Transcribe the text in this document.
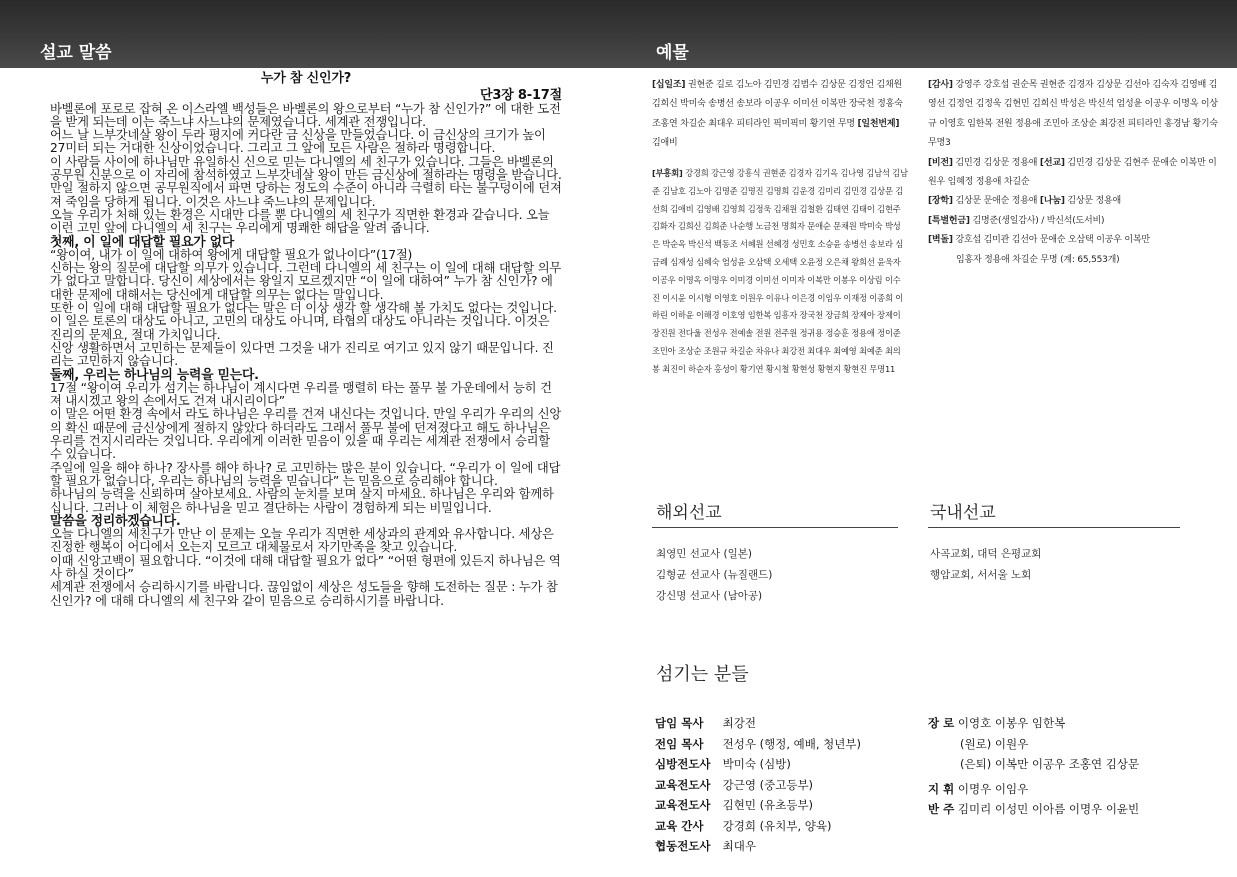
설교 말씀	예물
누가 참 신인가?
단3장 8-17절

바벨론에 포로로 잡혀 온 이스라엘 백성들은 바벨론의 왕으로부터 “누가 참 신인가?” 에 대한 도전을 받게 되는데 이는 죽느냐 사느냐의 문제였습니다. 세계관 전쟁입니다.

어느 날 느부갓네살 왕이 두라 평지에 커다란 금 신상을 만들었습니다. 이 금신상의 크기가 높이 27미터 되는 거대한 신상이었습니다. 그리고 그 앞에 모든 사람은 절하라 명령합니다.

이 사람들 사이에 하나님만 유일하신 신으로 믿는 다니엘의 세 친구가 있습니다. 그들은 바벨론의 공무원 신분으로 이 자리에 참석하였고 느부갓네살 왕이 만든 금신상에 절하라는 명령을 받습니다. 만일 절하지 않으면 공무원직에서 파면 당하는 정도의 수준이 아니라 극렬히 타는 불구덩이에 던져져 죽임을 당하게 됩니다. 이것은 사느냐 죽느냐의 문제입니다.

오늘 우리가 처해 있는 환경은 시대만 다를 뿐 다니엘의 세 친구가 직면한 환경과 같습니다. 오늘 이런 고민 앞에 다니엘의 세 친구는 우리에게 명쾌한 해답을 알려 줍니다.

첫째, 이 일에 대답할 필요가 없다

“왕이여, 내가 이 일에 대하여 왕에게 대답할 필요가 없나이다”(17절)

신하는 왕의 질문에 대답할 의무가 있습니다. 그런데 다니엘의 세 친구는 이 일에 대해 대답할 의무가 없다고 말합니다. 당신이 세상에서는 왕일지 모르겠지만 “이 일에 대하여” 누가 참 신인가? 에 대한 문제에 대해서는 당신에게 대답할 의무는 없다는 말입니다.

또한 이 일에 대해 대답할 필요가 없다는 말은 더 이상 생각 할 생각해 볼 가치도 없다는 것입니다. 이 일은 토론의 대상도 아니고, 고민의 대상도 아니며, 타협의 대상도 아니라는 것입니다. 이것은 진리의 문제요, 절대 가치입니다.

신앙 생활하면서 고민하는 문제들이 있다면 그것을 내가 진리로 여기고 있지 않기 때문입니다. 진리는 고민하지 않습니다.

둘째, 우리는 하나님의 능력을 믿는다.

17절 “왕이여 우리가 섬기는 하나님이 계시다면 우리를 맹렬히 타는 풀무 불 가운데에서 능히 건져 내시겠고 왕의 손에서도 건져 내시리이다”

이 말은 어떤 환경 속에서 라도 하나님은 우리를 건져 내신다는 것입니다. 만일 우리가 우리의 신앙의 확신 때문에 금신상에게 절하지 않았다 하더라도 그래서 풀무 불에 던져졌다고 해도 하나님은 우리를 건지시리라는 것입니다. 우리에게 이러한 믿음이 있을 때 우리는 세계관 전쟁에서 승리할 수 있습니다.

주일에 일을 해야 하나? 장사를 해야 하나? 로 고민하는 많은 분이 있습니다. “우리가 이 일에 대답할 필요가 없습니다, 우리는 하나님의 능력을 믿습니다” 는 믿음으로 승리해야 합니다.

하나님의 능력을 신뢰하며 살아보세요. 사람의 눈치를 보며 살지 마세요. 하나님은 우리와 함께하십니다. 그러나 이 체험은 하나님을 믿고 결단하는 사람이 경험하게 되는 비밀입니다.

말씀을 정리하겠습니다.

오늘 다니엘의 세친구가 만난 이 문제는 오늘 우리가 직면한 세상과의 관계와 유사합니다. 세상은 진정한 행복이 어디에서 오는지 모르고 대체물로서 자기만족을 찾고 있습니다.

이때 신앙고백이 필요합니다. “이것에 대해 대답할 필요가 없다” “어떤 형편에 있든지 하나님은 역사 하실 것이다”

세계관 전쟁에서 승리하시기를 바랍니다. 끊임없이 세상은 성도들을 향해 도전하는 질문 : 누가 참 신인가? 에 대해 다니엘의 세 친구와 같이 믿음으로 승리하시기를 바랍니다.

[십일조] 권현준 길로 김노아 김민경 김범수 김상문 김정언 김채원 김희신 박미숙 송병선 송보라 이공우 이미선 이복만 장국천 정홍숙 조홍연 차길순 최대우 피티라인 픽미픽미 황기연 무명 [일천번제] 김애비
[부흥회] 강경희 강근영 강흥식 권현준 김경자 김기옥 김나영 김남석 김남준 김남호 김노아 김명준 김명진 김명희 김운경 김미리 김민경 김상문 김선희 김애비 김영배 김영희 김정욱 김채원 김철환 김태연 김태이 김현주 김화자 김희신 김희준 나순행 노금천 명희자 문애순 문채원 박미숙 박성은 박순옥 박신석 백동조 서혜원 선혜경 성민호 소승윤 송병선 송보라 심금례 심재성 심혜숙 엄성윤 오삼택 오세택 오윤정 오은채 왕희선 윤욱자 이공우 이명옥 이명우 이미경 이미선 이미자 이복만 이봉우 이상림 이수진 이시윤 이시형 이영호 이원우 이유나 이은경 이임우 이재정 이종희 이하린 이하윤 이해경 이호영 임한복 임흥자 장국천 장금희 장제아 장제이 장진원 전다울 전성우 전예솔 전원 전주원 정귀용 정승훈 정용애 정이준 조민아 조상순 조원규 차길순 차유나 최강전 최대우 최예영 최예준 최의봉 최진이 하순자 홍성이 황기연 황시철 황현성 황현지 황현진 무명11
[감사] 강영주 강호섭 권순목 권현준 김경자 김상문 김선아 김숙자 김영배 김영선 김정언 김정욱 김현민 김희신 박성은 박신석 엄성윤 이공우 이명옥 이상규 이영호 임한복 전원 정용애 조민아 조상순 최강전 피티라인 홍경남 황기숙 무명3
[비전] 김민경 김상문 정용애 [선교] 김민경 김상문 김현주 문애순 이복만 이원우 임혜정 정용애 차길순
[장학] 김상문 문애순 정용애 [나눔] 김상문 정용애
[특별헌금] 김명준(생일감사) / 박신석(도서비)
[벽돌] 강호섭 김미관 김선아 문애순 오삼택 이공우 이복만
임홍자 정용애 차길순 무명 (계: 65,553개)
해외선교
최영민 선교사 (일본)
김형균 선교사 (뉴질랜드)
강신명 선교사 (남아공)
국내선교
사곡교회, 대덕 은평교회
행암교회, 서서울 노회
섬기는 분들
담임 목사 최강전
전임 목사 전성우 (행정, 예배, 청년부)
심방전도사 박미숙 (심방)
교육전도사 강근영 (중고등부)
교육전도사 김현민 (유초등부)
교육 간사 강경희 (유치부, 양육)
협동전도사 최대우
장 로 이영호 이봉우 임한복
(원로) 이원우
(은퇴) 이복만 이공우 조홍연 김상문
지 휘 이명우 이임우
반 주 김미리 이성민 이아름 이명우 이윤빈
